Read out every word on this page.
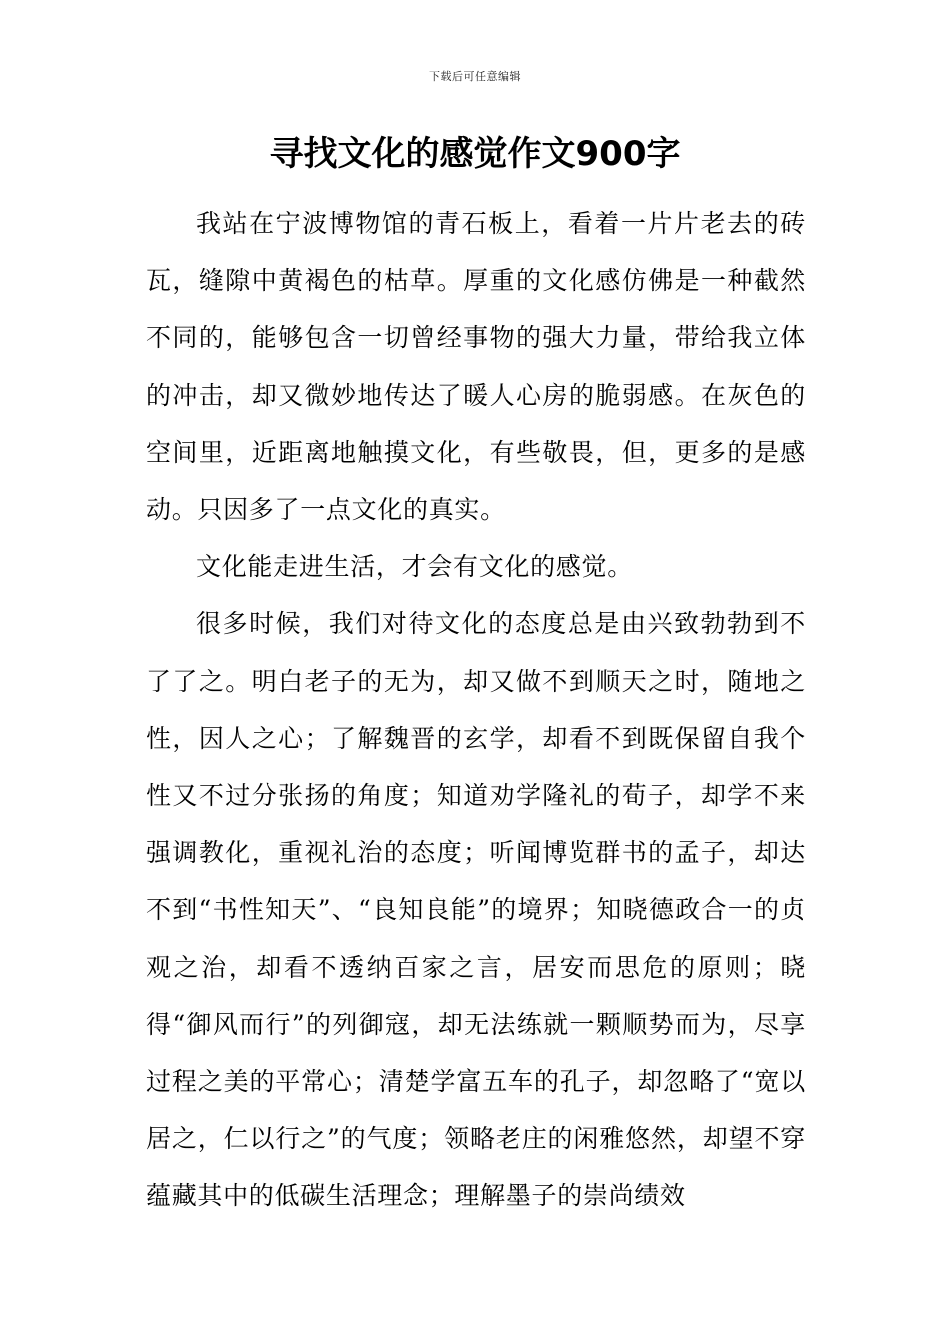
下载后可任意编辑
寻找文化的感觉作文900字

我站在宁波博物馆的青石板上，看着一片片老去的砖瓦，缝隙中黄褐色的枯草。厚重的文化感仿佛是一种截然不同的，能够包含一切曾经事物的强大力量，带给我立体的冲击，却又微妙地传达了暖人心房的脆弱感。在灰色的空间里，近距离地触摸文化，有些敬畏，但，更多的是感动。只因多了一点文化的真实。

文化能走进生活，才会有文化的感觉。

很多时候，我们对待文化的态度总是由兴致勃勃到不了了之。明白老子的无为，却又做不到顺天之时，随地之性，因人之心；了解魏晋的玄学，却看不到既保留自我个性又不过分张扬的角度；知道劝学隆礼的荀子，却学不来强调教化，重视礼治的态度；听闻博览群书的孟子，却达不到“书性知天”、“良知良能”的境界；知晓德政合一的贞观之治，却看不透纳百家之言，居安而思危的原则；晓得“御风而行”的列御寇，却无法练就一颗顺势而为，尽享过程之美的平常心；清楚学富五车的孔子，却忽略了“宽以居之，仁以行之”的气度；领略老庄的闲雅悠然，却望不穿蕴藏其中的低碳生活理念；理解墨子的崇尚绩效
